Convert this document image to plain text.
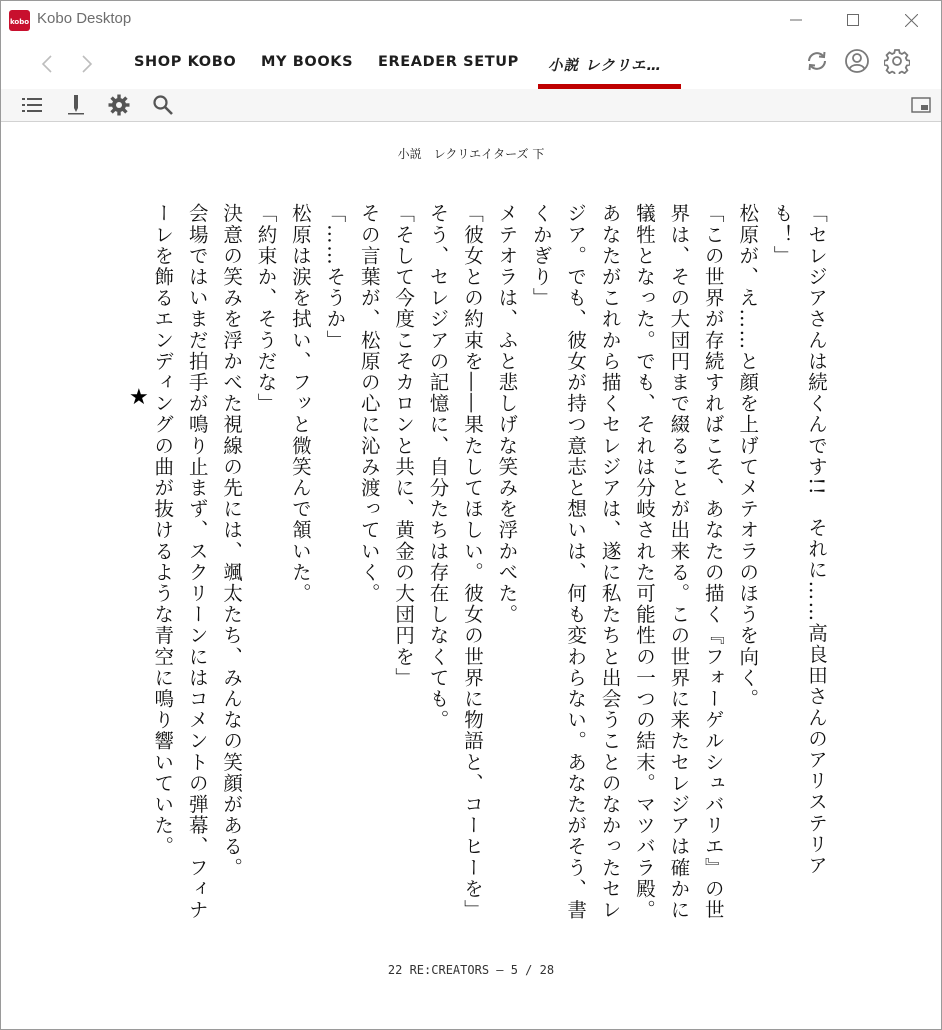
kobo Kobo Desktop
SHOP KOBO MY BOOKS EREADER SETUP 小説 レクリエ…
小説　レクリエイターズ 下

「セレジアさんは続くんです!!　それに……高良田さんのアリステリアも！」

松原が、え……と顔を上げてメテオラのほうを向く。

「この世界が存続すればこそ、あなたの描く『フォーゲルシュバリエ』の世界は、その大団円まで綴ることが出来る。この世界に来たセレジアは確かに犠牲となった。でも、それは分岐された可能性の一つの結末。マツバラ殿。あなたがこれから描くセレジアは、遂に私たちと出会うことのなかったセレジア。でも、彼女が持つ意志と想いは、何も変わらない。あなたがそう、書くかぎり」

メテオラは、ふと悲しげな笑みを浮かべた。

「彼女との約束を――果たしてほしい。彼女の世界に物語と、コーヒーを」

そう、セレジアの記憶に、自分たちは存在しなくても。

「そして今度こそカロンと共に、黄金の大団円を」

その言葉が、松原の心に沁み渡っていく。

「……そうか」

松原は涙を拭い、フッと微笑んで頷いた。

「約束か、そうだな」

決意の笑みを浮かべた視線の先には、颯太たち、みんなの笑顔がある。

会場ではいまだ拍手が鳴り止まず、スクリーンにはコメントの弾幕、フィナーレを飾るエンディングの曲が抜けるような青空に鳴り響いていた。

★
22 RE:CREATORS — 5 / 28
